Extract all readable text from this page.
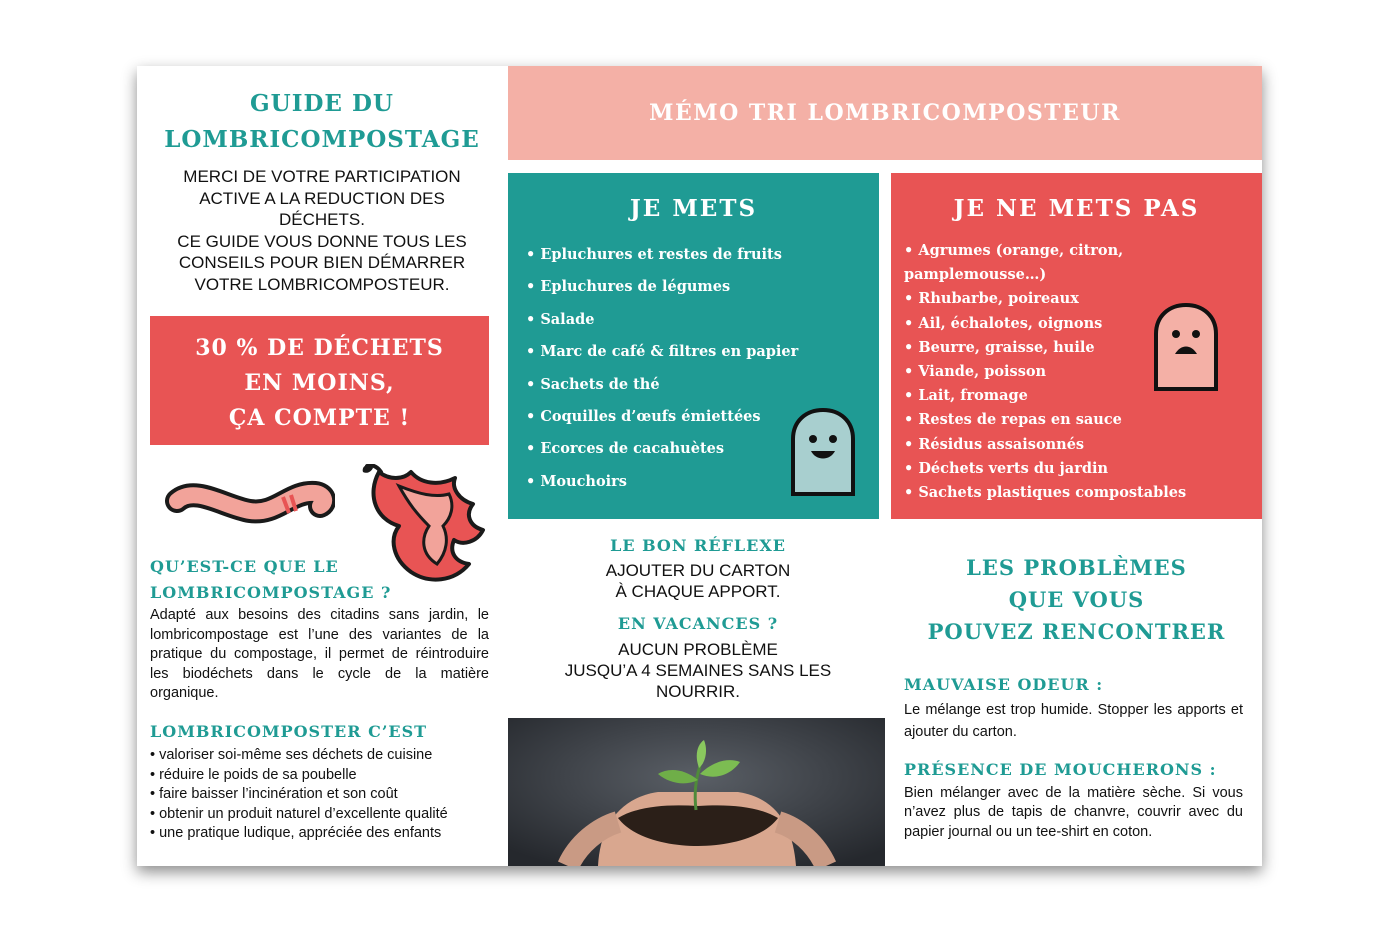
GUIDE DU
LOMBRICOMPOSTAGE
MERCI DE VOTRE PARTICIPATION
ACTIVE A LA REDUCTION DES
DÉCHETS.
CE GUIDE VOUS DONNE TOUS LES
CONSEILS POUR BIEN DÉMARRER
VOTRE LOMBRICOMPOSTEUR.
30 % DE DÉCHETS
EN MOINS,
ÇA COMPTE !
QU’EST-CE QUE LE
LOMBRICOMPOSTAGE ?
Adapté aux besoins des citadins sans jardin, le lombricompostage est l’une des variantes de la pratique du compostage, il permet de réintroduire les biodéchets dans le cycle de la matière organique.
LOMBRICOMPOSTER C’EST
• valoriser soi-même ses déchets de cuisine
• réduire le poids de sa poubelle
• faire baisser l’incinération et son coût
• obtenir un produit naturel d’excellente qualité
• une pratique ludique, appréciée des enfants
MÉMO TRI LOMBRICOMPOSTEUR
JE METS
• Epluchures et restes de fruits
• Epluchures de légumes
• Salade
• Marc de café & filtres en papier
• Sachets de thé
• Coquilles d’œufs émiettées
• Ecorces de cacahuètes
• Mouchoirs
JE NE METS PAS
• Agrumes (orange, citron,
pamplemousse…)
• Rhubarbe, poireaux
• Ail, échalotes, oignons
• Beurre, graisse, huile
• Viande, poisson
• Lait, fromage
• Restes de repas en sauce
• Résidus assaisonnés
• Déchets verts du jardin
• Sachets plastiques compostables
LE BON RÉFLEXE
AJOUTER DU CARTON
À CHAQUE APPORT.
EN VACANCES ?
AUCUN PROBLÈME
JUSQU’A 4 SEMAINES SANS LES
NOURRIR.
LES PROBLÈMES
QUE VOUS
POUVEZ RENCONTRER
MAUVAISE ODEUR :
Le mélange est trop humide. Stopper les apports et ajouter du carton.
PRÉSENCE DE MOUCHERONS :
Bien mélanger avec de la matière sèche. Si vous n’avez plus de tapis de chanvre, couvrir avec du papier journal ou un tee-shirt en coton.
